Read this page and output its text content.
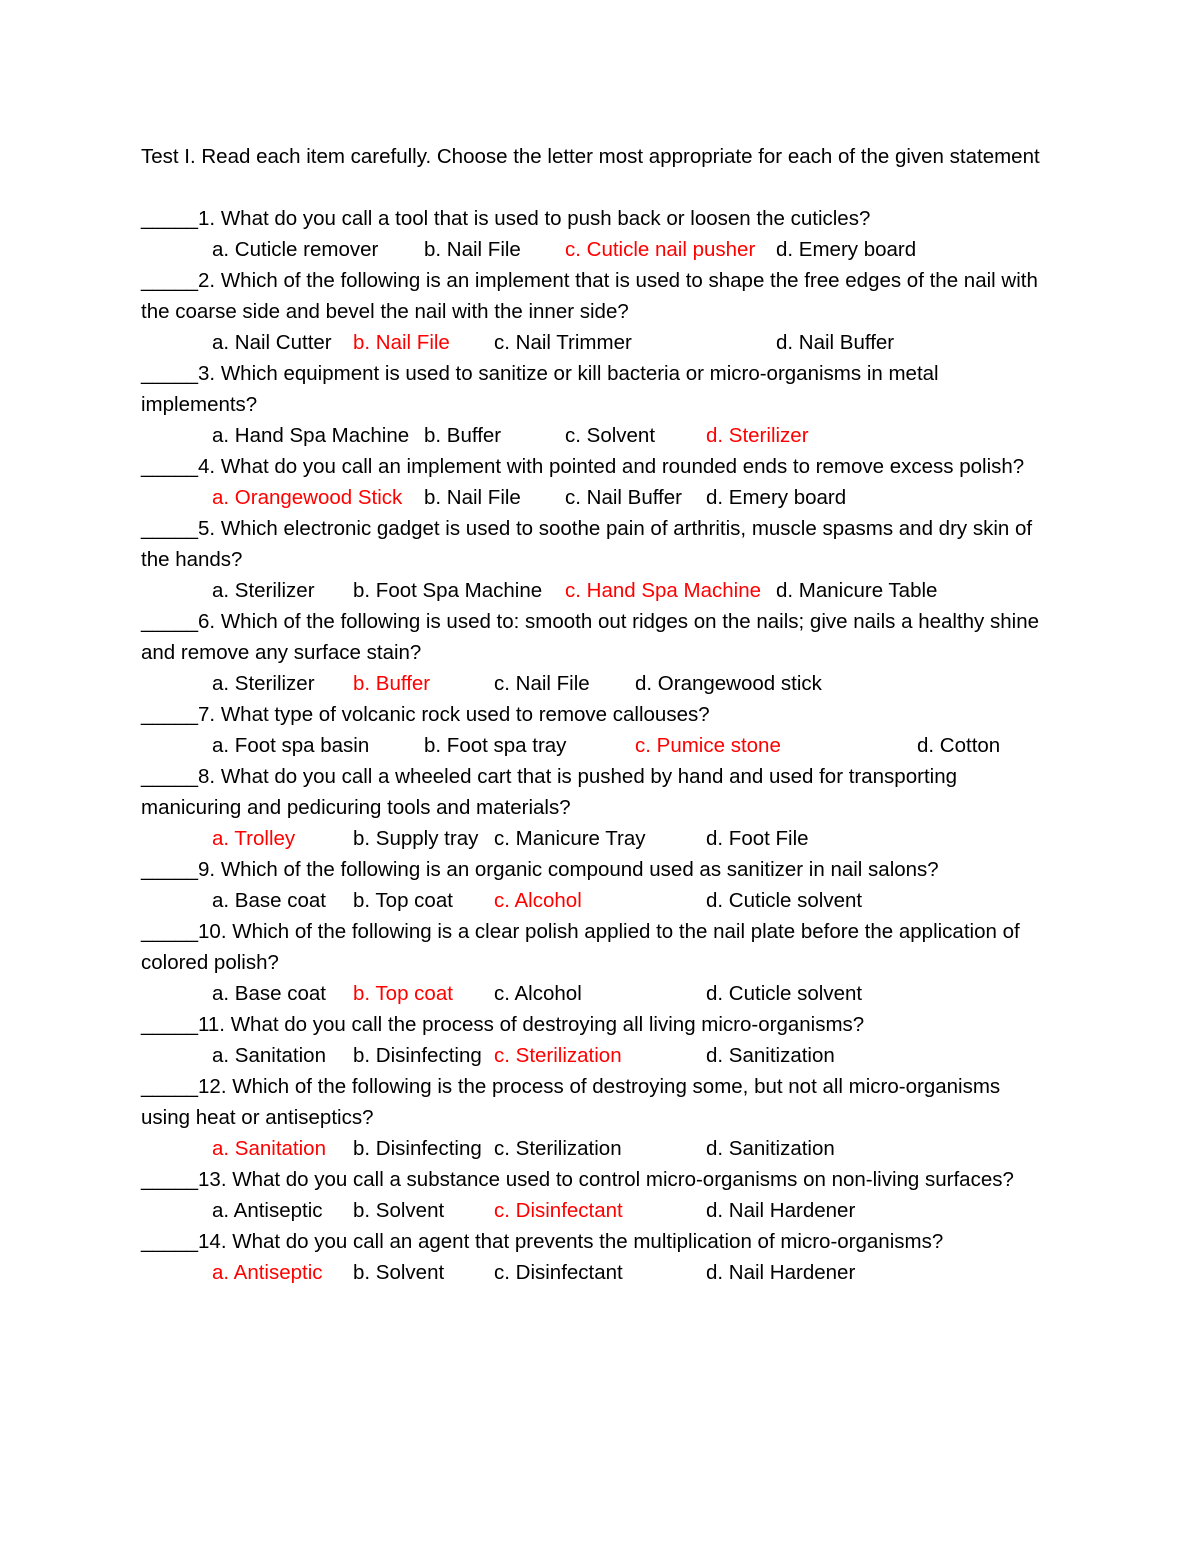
Test I. Read each item carefully. Choose the letter most appropriate for each of the given statement

_____1. What do you call a tool that is used to push back or loosen the cuticles?

a. Cuticle remover b. Nail File c. Cuticle nail pusher d. Emery board

_____2. Which of the following is an implement that is used to shape the free edges of the nail with the coarse side and bevel the nail with the inner side?

a. Nail Cutter b. Nail File c. Nail Trimmer	d. Nail Buffer

_____3. Which equipment is used to sanitize or kill bacteria or micro-organisms in metal implements?

a. Hand Spa Machine b. Buffer	c. Solvent d. Sterilizer

_____4. What do you call an implement with pointed and rounded ends to remove excess polish?

a. Orangewood Stick b. Nail File c. Nail Buffer d. Emery board

_____5. Which electronic gadget is used to soothe pain of arthritis, muscle spasms and dry skin of the hands?

a. Sterilizer b. Foot Spa Machine c. Hand Spa Machine d. Manicure Table

_____6. Which of the following is used to: smooth out ridges on the nails; give nails a healthy shine and remove any surface stain?

a. Sterilizer b. Buffer	c. Nail File d. Orangewood stick

_____7. What type of volcanic rock used to remove callouses?

a. Foot spa basin	b. Foot spa tray	c. Pumice stone	d. Cotton

_____8. What do you call a wheeled cart that is pushed by hand and used for transporting manicuring and pedicuring tools and materials?

a. Trolley	b. Supply tray c. Manicure Tray	d. Foot File

_____9. Which of the following is an organic compound used as sanitizer in nail salons?

a. Base coat b. Top coat c. Alcohol	d. Cuticle solvent

_____10. Which of the following is a clear polish applied to the nail plate before the application of colored polish?

a. Base coat b. Top coat c. Alcohol	d. Cuticle solvent

_____11. What do you call the process of destroying all living micro-organisms?

a. Sanitation b. Disinfecting c. Sterilization	d. Sanitization

_____12. Which of the following is the process of destroying some, but not all micro-organisms using heat or antiseptics?

a. Sanitation b. Disinfecting c. Sterilization	d. Sanitization

_____13. What do you call a substance used to control micro-organisms on non-living surfaces?

a. Antiseptic b. Solvent c. Disinfectant	d. Nail Hardener

_____14. What do you call an agent that prevents the multiplication of micro-organisms?

a. Antiseptic b. Solvent c. Disinfectant	d. Nail Hardener
